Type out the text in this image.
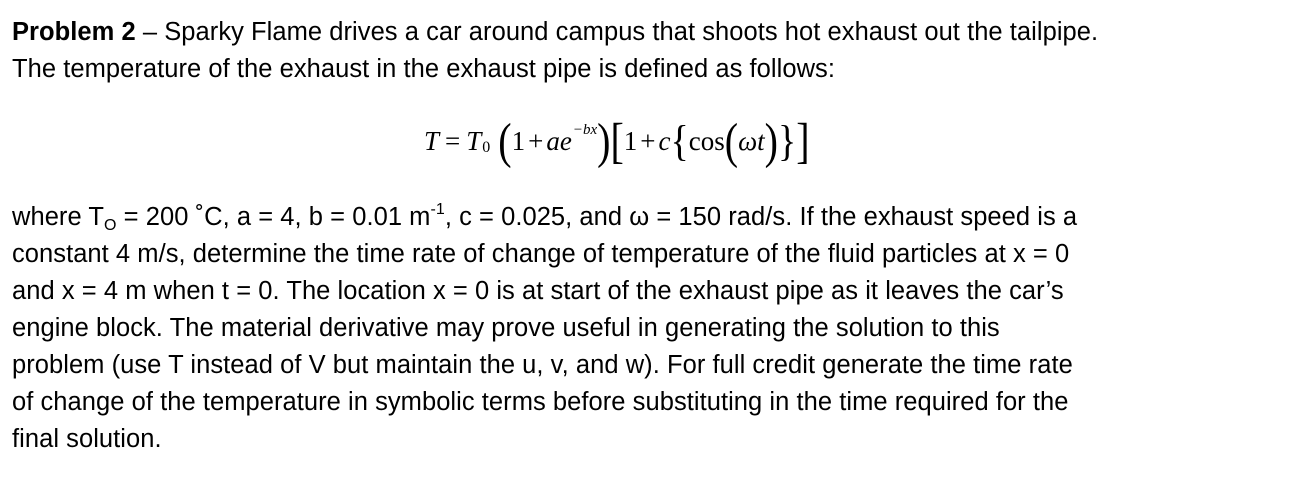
Problem 2 – Sparky Flame drives a car around campus that shoots hot exhaust out the tailpipe.
The temperature of the exhaust in the exhaust pipe is defined as follows:

T = T 0 ( 1 + a e −bx ) [ 1 + c { cos ( ωt ) } ]

where $T_O = 200$ ˚C, a = 4, b = 0.01 $m^{-1}$, c = 0.025, and ω = 150 rad/s. If the exhaust speed is a
constant 4 m/s, determine the time rate of change of temperature of the fluid particles at x = 0
and x = 4 m when t = 0. The location x = 0 is at start of the exhaust pipe as it leaves the car’s
engine block. The material derivative may prove useful in generating the solution to this
problem (use T instead of V but maintain the u, v, and w). For full credit generate the time rate
of change of the temperature in symbolic terms before substituting in the time required for the
final solution.
